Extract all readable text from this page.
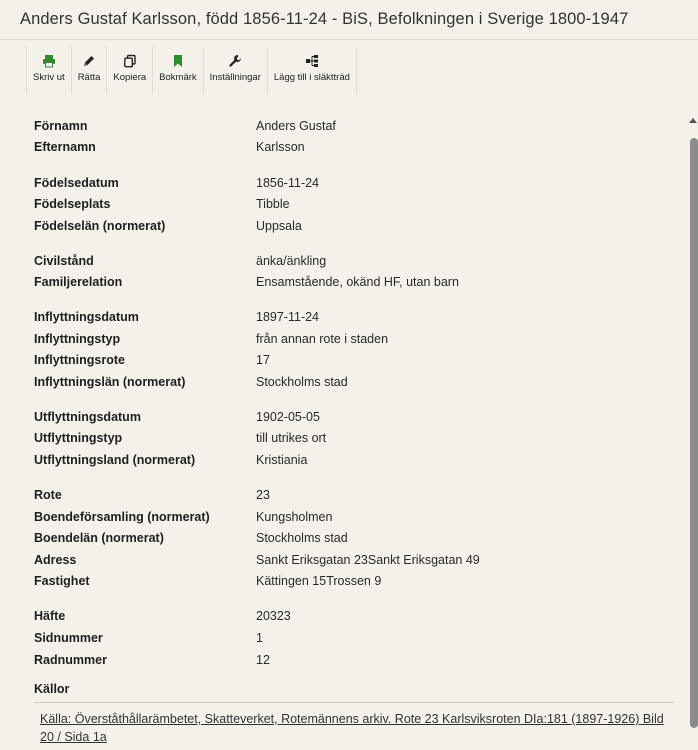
Anders Gustaf Karlsson, född 1856-11-24 - BiS, Befolkningen i Sverige 1800-1947
Skriv ut Rätta Kopiera Bokmärk Inställningar Lägg till i släktträd
Förnamn	Anders Gustaf
Efternamn	Karlsson
Födelsedatum	1856-11-24
Födelseplats	Tibble
Födelselän (normerat)	Uppsala
Civilstånd	änka/änkling
Familjerelation	Ensamstående, okänd HF, utan barn
Inflyttningsdatum	1897-11-24
Inflyttningstyp	från annan rote i staden
Inflyttningsrote	17
Inflyttningslän (normerat)	Stockholms stad
Utflyttningsdatum	1902-05-05
Utflyttningstyp	till utrikes ort
Utflyttningsland (normerat)	Kristiania
Rote	23
Boendeförsamling (normerat)	Kungsholmen
Boendelän (normerat)	Stockholms stad
Adress	Sankt Eriksgatan 23Sankt Eriksgatan 49
Fastighet	Kättingen 15Trossen 9
Häfte	20323
Sidnummer	1
Radnummer	12
Källor
Källa: Överståthållarämbetet, Skatteverket, Rotemännens arkiv. Rote 23 Karlsviksroten DIa:181 (1897-1926) Bild 20 / Sida 1a
